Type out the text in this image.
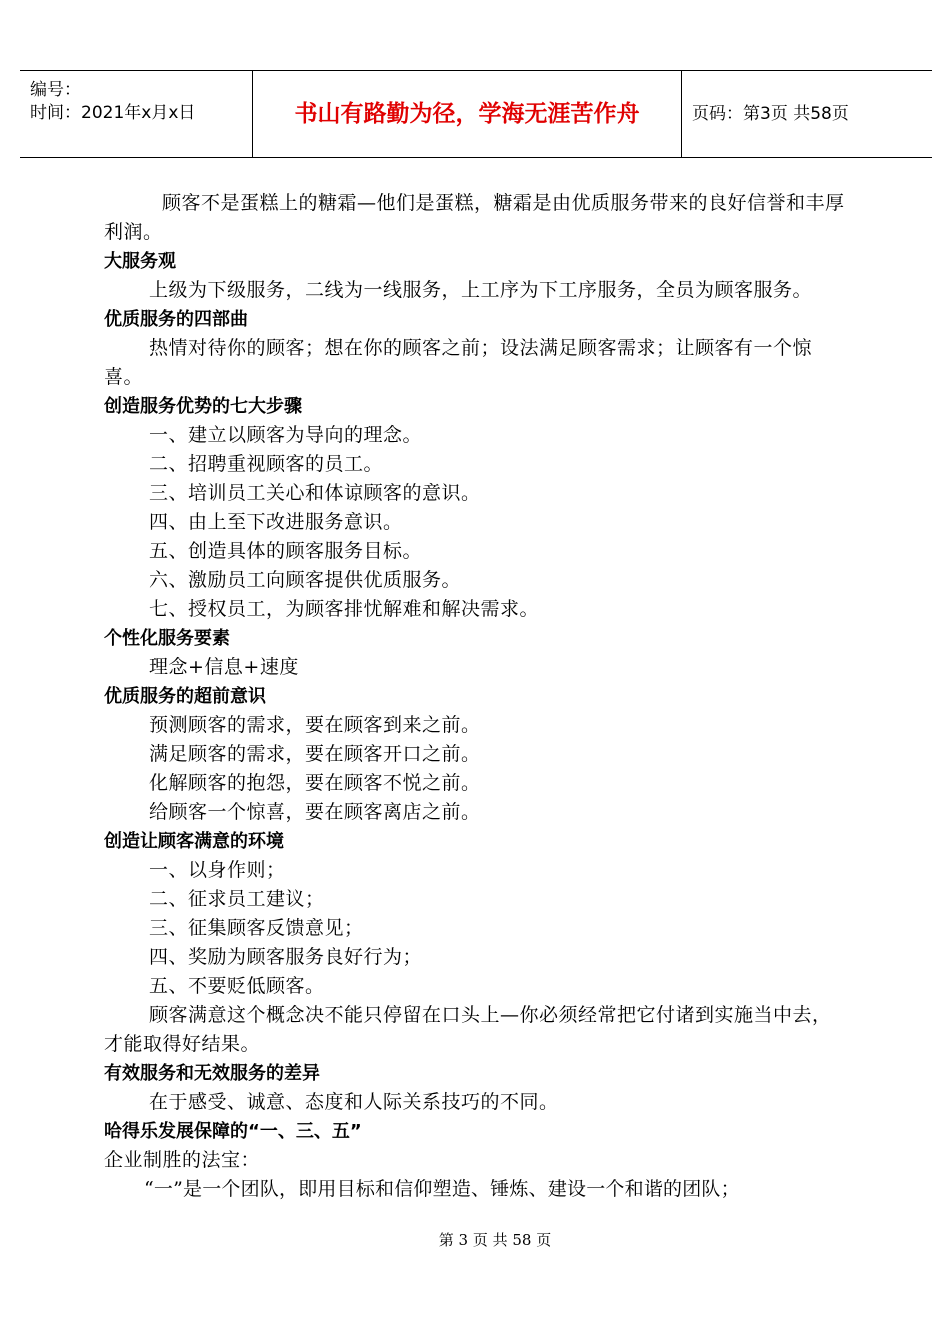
编号：
时间：2021年x月x日	书山有路勤为径，学海无涯苦作舟	页码：第3页 共58页

顾客不是蛋糕上的糖霜—他们是蛋糕，糖霜是由优质服务带来的良好信誉和丰厚利润。

大服务观

上级为下级服务，二线为一线服务，上工序为下工序服务，全员为顾客服务。

优质服务的四部曲

热情对待你的顾客；想在你的顾客之前；设法满足顾客需求；让顾客有一个惊喜。

创造服务优势的七大步骤

一、建立以顾客为导向的理念。

二、招聘重视顾客的员工。

三、培训员工关心和体谅顾客的意识。

四、由上至下改进服务意识。

五、创造具体的顾客服务目标。

六、激励员工向顾客提供优质服务。

七、授权员工，为顾客排忧解难和解决需求。

个性化服务要素

理念+信息+速度

优质服务的超前意识

预测顾客的需求，要在顾客到来之前。

满足顾客的需求，要在顾客开口之前。

化解顾客的抱怨，要在顾客不悦之前。

给顾客一个惊喜，要在顾客离店之前。

创造让顾客满意的环境

一、以身作则；

二、征求员工建议；

三、征集顾客反馈意见；

四、奖励为顾客服务良好行为；

五、不要贬低顾客。

顾客满意这个概念决不能只停留在口头上—你必须经常把它付诸到实施当中去，才能取得好结果。

有效服务和无效服务的差异

在于感受、诚意、态度和人际关系技巧的不同。

哈得乐发展保障的“一、三、五”

企业制胜的法宝：

“一”是一个团队，即用目标和信仰塑造、锤炼、建设一个和谐的团队；

第 3 页 共 58 页
